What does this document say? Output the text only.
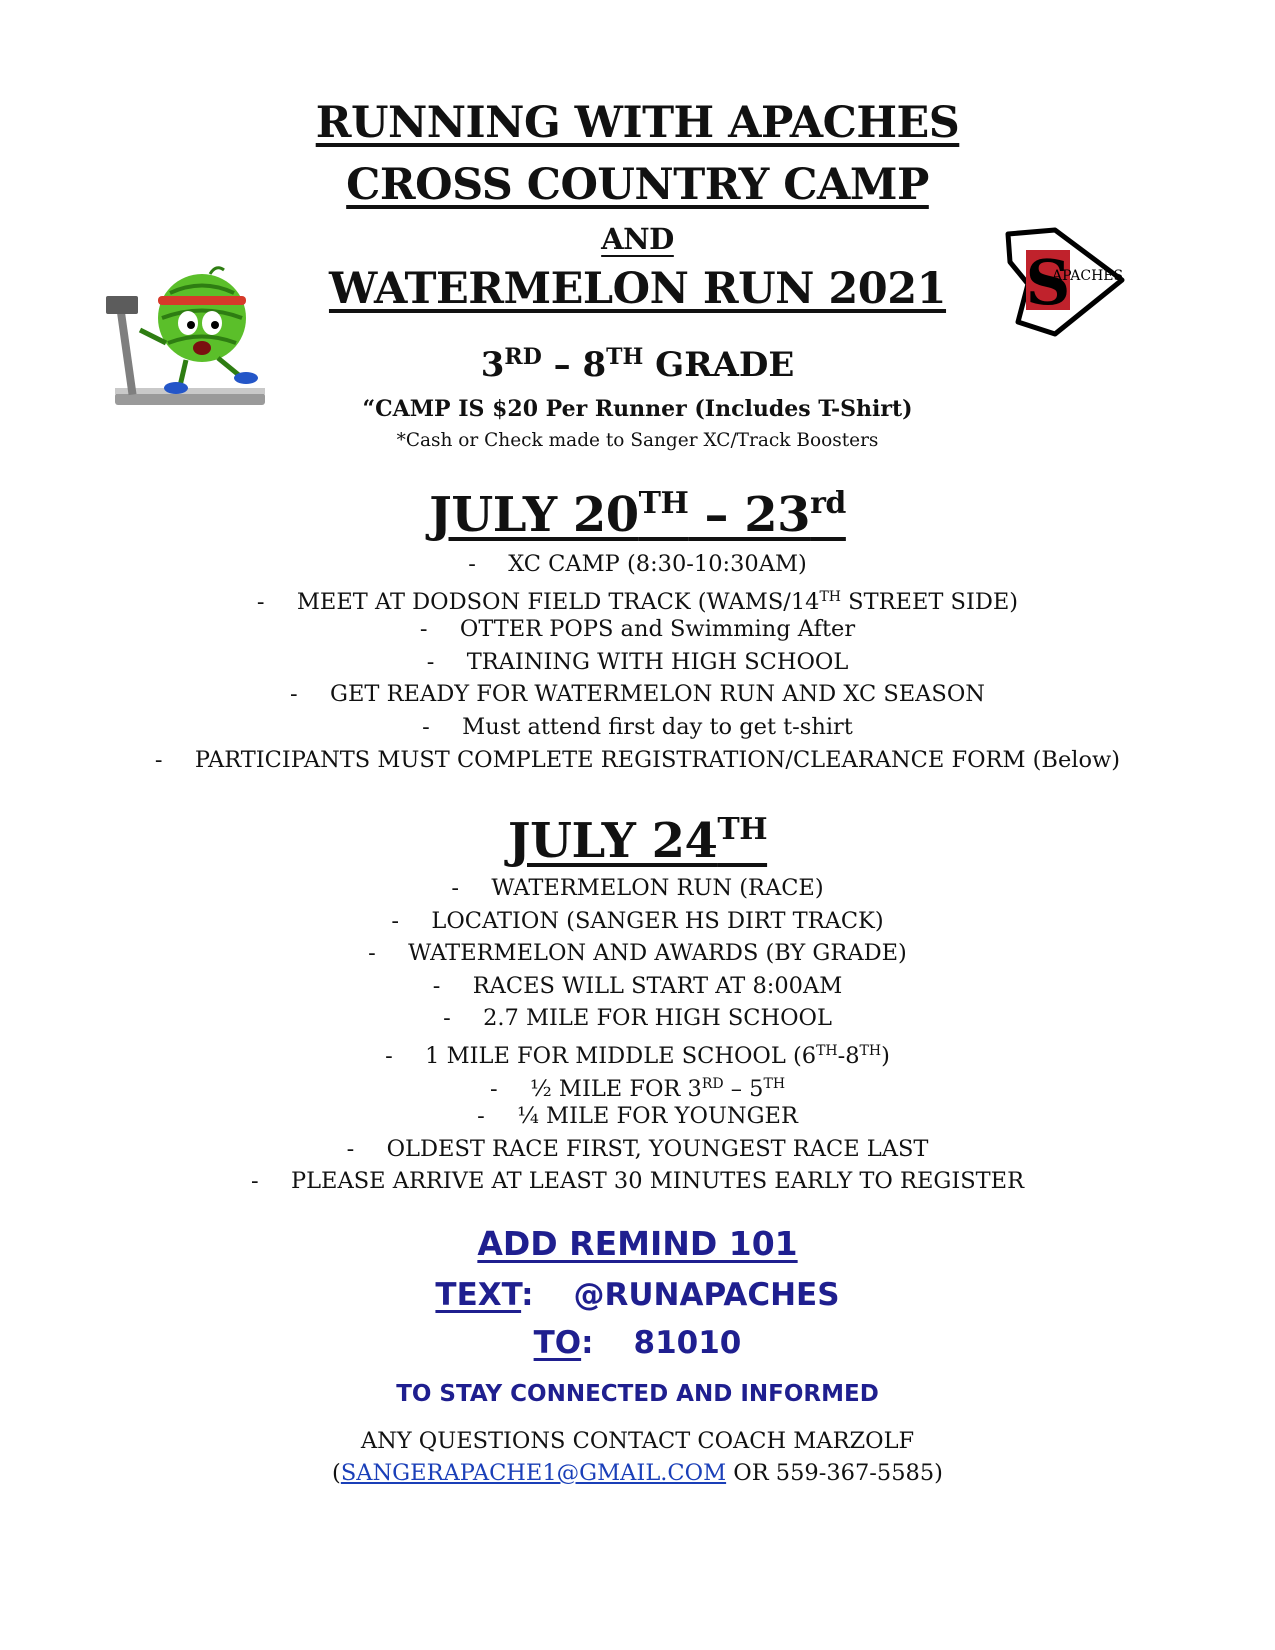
RUNNING WITH APACHES
CROSS COUNTRY CAMP
AND
WATERMELON RUN 2021	S
APACHES
3RD – 8TH GRADE
“CAMP IS $20 Per Runner (Includes T-Shirt)
*Cash or Check made to Sanger XC/Track Boosters
JULY 20TH – 23rd
- XC CAMP (8:30-10:30AM)
- MEET AT DODSON FIELD TRACK (WAMS/14TH STREET SIDE)
- OTTER POPS and Swimming After
- TRAINING WITH HIGH SCHOOL
- GET READY FOR WATERMELON RUN AND XC SEASON
- Must attend first day to get t-shirt
- PARTICIPANTS MUST COMPLETE REGISTRATION/CLEARANCE FORM (Below)
JULY 24TH
- WATERMELON RUN (RACE)
- LOCATION (SANGER HS DIRT TRACK)
- WATERMELON AND AWARDS (BY GRADE)
- RACES WILL START AT 8:00AM
- 2.7 MILE FOR HIGH SCHOOL
- 1 MILE FOR MIDDLE SCHOOL (6TH-8TH)
- ½ MILE FOR 3RD – 5TH
- ¼ MILE FOR YOUNGER
- OLDEST RACE FIRST, YOUNGEST RACE LAST
- PLEASE ARRIVE AT LEAST 30 MINUTES EARLY TO REGISTER
ADD REMIND 101
TEXT: @RUNAPACHES
TO: 81010
TO STAY CONNECTED AND INFORMED
ANY QUESTIONS CONTACT COACH MARZOLF
(SANGERAPACHE1@GMAIL.COM OR 559-367-5585)
